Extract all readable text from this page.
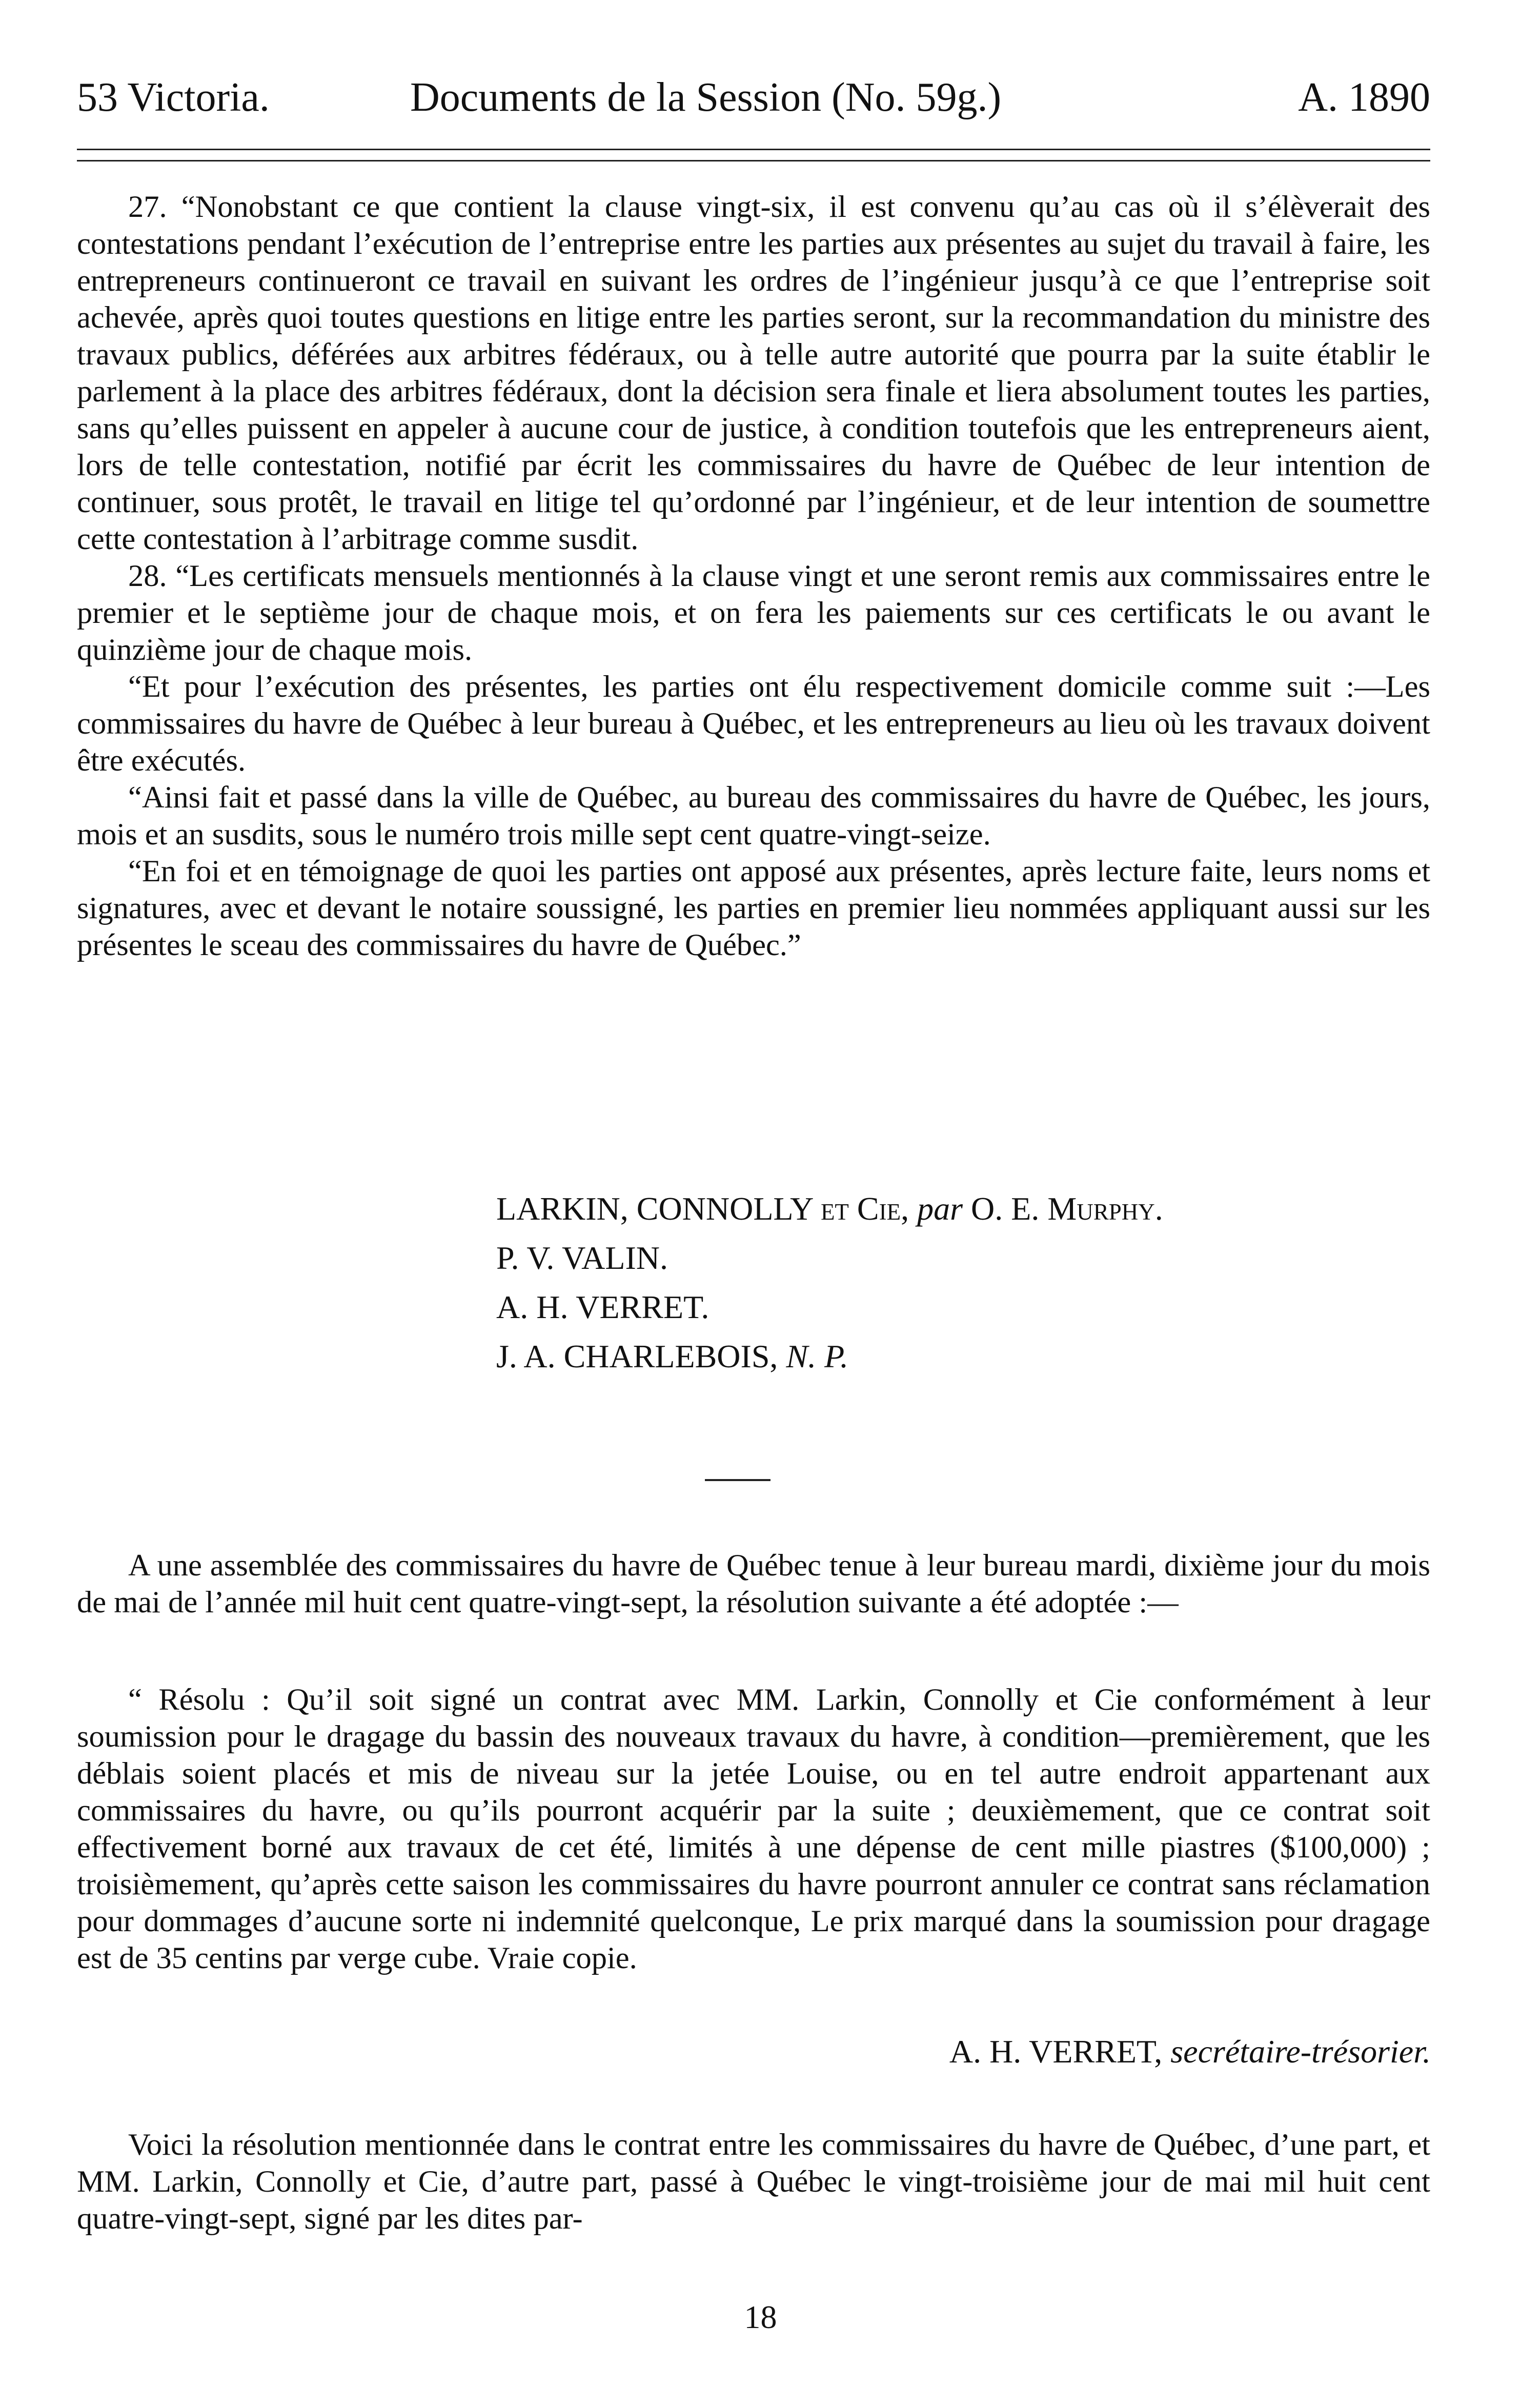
53 Victoria.	Documents de la Session (No. 59g.)	A. 1890

27. “Nonobstant ce que contient la clause vingt-six, il est convenu qu’au cas où il s’élèverait des contestations pendant l’exécution de l’entreprise entre les parties aux présentes au sujet du travail à faire, les entrepreneurs continueront ce travail en suivant les ordres de l’ingénieur jusqu’à ce que l’entreprise soit achevée, après quoi toutes questions en litige entre les parties seront, sur la recommandation du ministre des travaux publics, déférées aux arbitres fédéraux, ou à telle autre autorité que pourra par la suite établir le parlement à la place des arbitres fédéraux, dont la décision sera finale et liera absolument toutes les parties, sans qu’elles puissent en appeler à aucune cour de justice, à condition toutefois que les entrepreneurs aient, lors de telle contestation, notifié par écrit les commissaires du havre de Québec de leur intention de continuer, sous protêt, le travail en litige tel qu’ordonné par l’ingénieur, et de leur intention de soumettre cette contestation à l’arbitrage comme susdit.

28. “Les certificats mensuels mentionnés à la clause vingt et une seront remis aux commissaires entre le premier et le septième jour de chaque mois, et on fera les paiements sur ces certificats le ou avant le quinzième jour de chaque mois.

“Et pour l’exécution des présentes, les parties ont élu respectivement domicile comme suit :—Les commissaires du havre de Québec à leur bureau à Québec, et les entrepreneurs au lieu où les travaux doivent être exécutés.

“Ainsi fait et passé dans la ville de Québec, au bureau des commissaires du havre de Québec, les jours, mois et an susdits, sous le numéro trois mille sept cent quatre-vingt-seize.

“En foi et en témoignage de quoi les parties ont apposé aux présentes, après lecture faite, leurs noms et signatures, avec et devant le notaire soussigné, les parties en premier lieu nommées appliquant aussi sur les présentes le sceau des commissaires du havre de Québec.”

LARKIN, CONNOLLY et Cie, par O. E. Murphy.
P. V. VALIN.
A. H. VERRET.
J. A. CHARLEBOIS, N. P.

A une assemblée des commissaires du havre de Québec tenue à leur bureau mardi, dixième jour du mois de mai de l’année mil huit cent quatre-vingt-sept, la résolution suivante a été adoptée :—

“ Résolu : Qu’il soit signé un contrat avec MM. Larkin, Connolly et Cie conformément à leur soumission pour le dragage du bassin des nouveaux travaux du havre, à condition—premièrement, que les déblais soient placés et mis de niveau sur la jetée Louise, ou en tel autre endroit appartenant aux commissaires du havre, ou qu’ils pourront acquérir par la suite ; deuxièmement, que ce contrat soit effectivement borné aux travaux de cet été, limités à une dépense de cent mille piastres ($100,000) ; troisièmement, qu’après cette saison les commissaires du havre pourront annuler ce contrat sans réclamation pour dommages d’aucune sorte ni indemnité quelconque, Le prix marqué dans la soumission pour dragage est de 35 centins par verge cube. Vraie copie.

A. H. VERRET, secrétaire-trésorier.

Voici la résolution mentionnée dans le contrat entre les commissaires du havre de Québec, d’une part, et MM. Larkin, Connolly et Cie, d’autre part, passé à Québec le vingt-troisième jour de mai mil huit cent quatre-vingt-sept, signé par les dites par-

18
